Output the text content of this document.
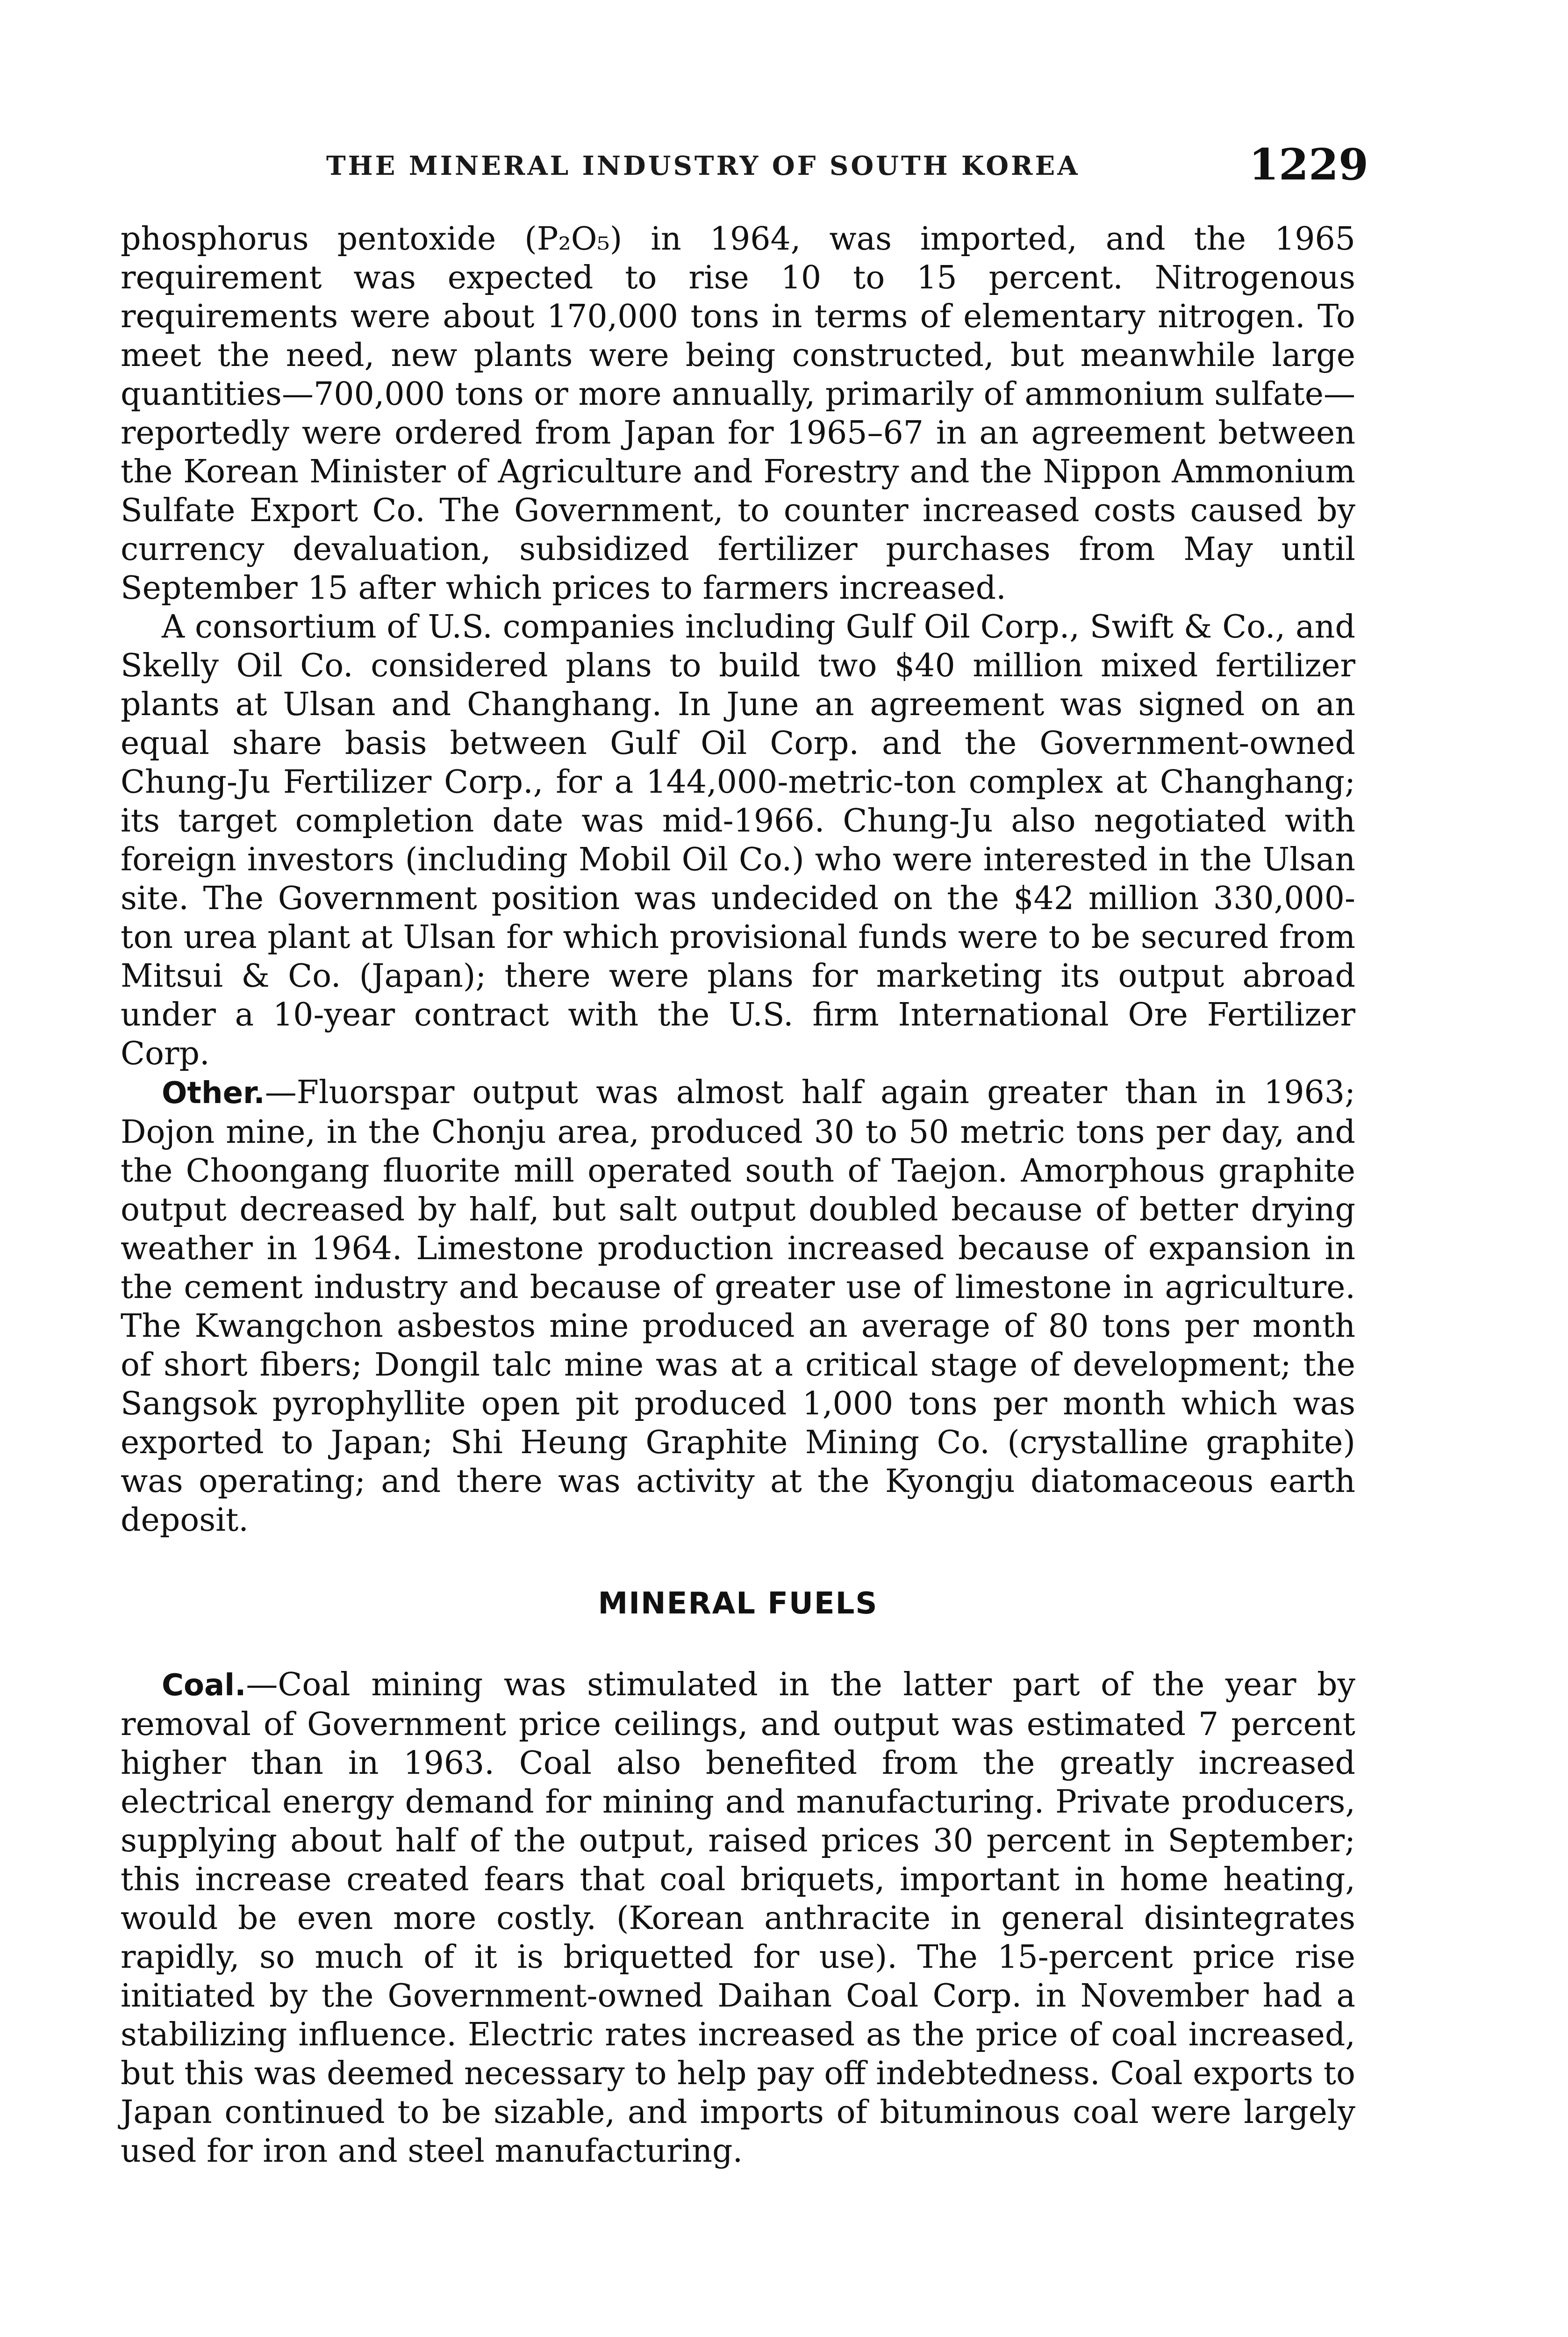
THE MINERAL INDUSTRY OF SOUTH KOREA	1229

phosphorus pentoxide (P₂O₅) in 1964, was imported, and the 1965 requirement was expected to rise 10 to 15 percent. Nitrogenous requirements were about 170,000 tons in terms of elementary nitrogen. To meet the need, new plants were being constructed, but meanwhile large quantities—700,000 tons or more annually, primarily of ammonium sulfate—reportedly were ordered from Japan for 1965–67 in an agreement between the Korean Minister of Agriculture and Forestry and the Nippon Ammonium Sulfate Export Co. The Government, to counter increased costs caused by currency devaluation, subsidized fertilizer purchases from May until September 15 after which prices to farmers increased.

A consortium of U.S. companies including Gulf Oil Corp., Swift & Co., and Skelly Oil Co. considered plans to build two $40 million mixed fertilizer plants at Ulsan and Changhang. In June an agreement was signed on an equal share basis between Gulf Oil Corp. and the Government-owned Chung-Ju Fertilizer Corp., for a 144,000-metric-ton complex at Changhang; its target completion date was mid-1966. Chung-Ju also negotiated with foreign investors (including Mobil Oil Co.) who were interested in the Ulsan site. The Government position was undecided on the $42 million 330,000-ton urea plant at Ulsan for which provisional funds were to be secured from Mitsui & Co. (Japan); there were plans for marketing its output abroad under a 10-year contract with the U.S. firm International Ore Fertilizer Corp.

Other.—Fluorspar output was almost half again greater than in 1963; Dojon mine, in the Chonju area, produced 30 to 50 metric tons per day, and the Choongang fluorite mill operated south of Taejon. Amorphous graphite output decreased by half, but salt output doubled because of better drying weather in 1964. Limestone production increased because of expansion in the cement industry and because of greater use of limestone in agriculture. The Kwangchon asbestos mine produced an average of 80 tons per month of short fibers; Dongil talc mine was at a critical stage of development; the Sangsok pyrophyllite open pit produced 1,000 tons per month which was exported to Japan; Shi Heung Graphite Mining Co. (crystalline graphite) was operating; and there was activity at the Kyongju diatomaceous earth deposit.

MINERAL FUELS

Coal.—Coal mining was stimulated in the latter part of the year by removal of Government price ceilings, and output was estimated 7 percent higher than in 1963. Coal also benefited from the greatly increased electrical energy demand for mining and manufacturing. Private producers, supplying about half of the output, raised prices 30 percent in September; this increase created fears that coal briquets, important in home heating, would be even more costly. (Korean anthracite in general disintegrates rapidly, so much of it is briquetted for use). The 15-percent price rise initiated by the Government-owned Daihan Coal Corp. in November had a stabilizing influence. Electric rates increased as the price of coal increased, but this was deemed necessary to help pay off indebtedness. Coal exports to Japan continued to be sizable, and imports of bituminous coal were largely used for iron and steel manufacturing.
